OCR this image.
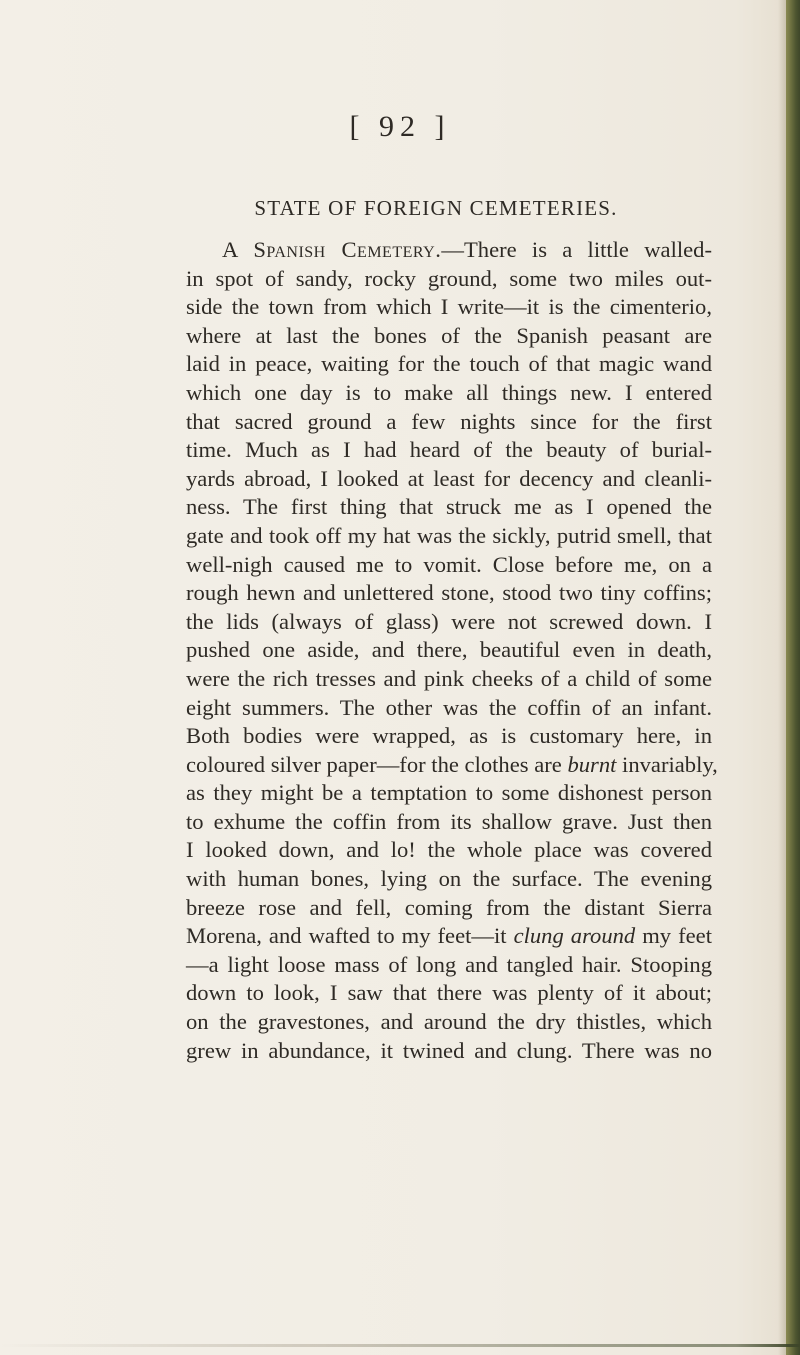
[ 92 ]
STATE OF FOREIGN CEMETERIES.
A Spanish Cemetery.—There is a little walled-
in spot of sandy, rocky ground, some two miles out-
side the town from which I write—it is the cimenterio,
where at last the bones of the Spanish peasant are
laid in peace, waiting for the touch of that magic wand
which one day is to make all things new. I entered
that sacred ground a few nights since for the first
time. Much as I had heard of the beauty of burial-
yards abroad, I looked at least for decency and cleanli-
ness. The first thing that struck me as I opened the
gate and took off my hat was the sickly, putrid smell, that
well-nigh caused me to vomit. Close before me, on a
rough hewn and unlettered stone, stood two tiny coffins;
the lids (always of glass) were not screwed down. I
pushed one aside, and there, beautiful even in death,
were the rich tresses and pink cheeks of a child of some
eight summers. The other was the coffin of an infant.
Both bodies were wrapped, as is customary here, in
coloured silver paper—for the clothes are burnt invariably,
as they might be a temptation to some dishonest person
to exhume the coffin from its shallow grave. Just then
I looked down, and lo! the whole place was covered
with human bones, lying on the surface. The evening
breeze rose and fell, coming from the distant Sierra
Morena, and wafted to my feet—it clung around my feet
—a light loose mass of long and tangled hair. Stooping
down to look, I saw that there was plenty of it about;
on the gravestones, and around the dry thistles, which
grew in abundance, it twined and clung. There was no
